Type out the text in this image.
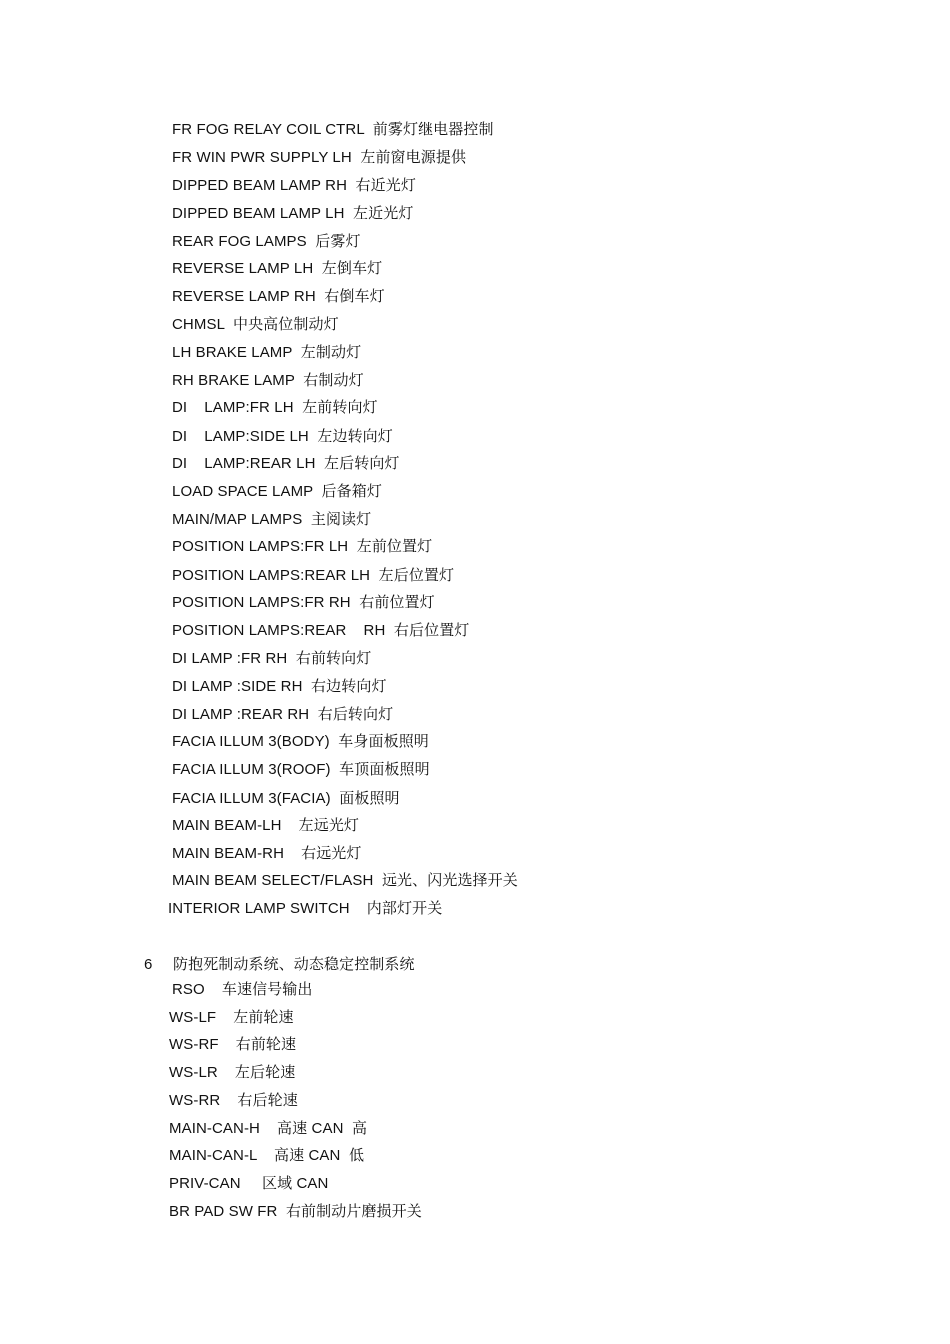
FR FOG RELAY COIL CTRL  前雾灯继电器控制
FR WIN PWR SUPPLY LH  左前窗电源提供
DIPPED BEAM LAMP RH  右近光灯
DIPPED BEAM LAMP LH  左近光灯
REAR FOG LAMPS  后雾灯
REVERSE LAMP LH  左倒车灯
REVERSE LAMP RH  右倒车灯
CHMSL  中央高位制动灯
LH BRAKE LAMP  左制动灯
RH BRAKE LAMP  右制动灯
DI    LAMP:FR LH  左前转向灯
DI    LAMP:SIDE LH  左边转向灯
DI    LAMP:REAR LH  左后转向灯
LOAD SPACE LAMP  后备箱灯
MAIN/MAP LAMPS  主阅读灯
POSITION LAMPS:FR LH  左前位置灯
POSITION LAMPS:REAR LH  左后位置灯
POSITION LAMPS:FR RH  右前位置灯
POSITION LAMPS:REAR    RH  右后位置灯
DI LAMP :FR RH  右前转向灯
DI LAMP :SIDE RH  右边转向灯
DI LAMP :REAR RH  右后转向灯
FACIA ILLUM 3(BODY)  车身面板照明
FACIA ILLUM 3(ROOF)  车顶面板照明
FACIA ILLUM 3(FACIA)  面板照明
MAIN BEAM-LH    左远光灯
MAIN BEAM-RH    右远光灯
MAIN BEAM SELECT/FLASH  远光、闪光选择开关
INTERIOR LAMP SWITCH    内部灯开关
6 防抱死制动系统、动态稳定控制系统
RSO    车速信号输出
WS-LF    左前轮速
WS-RF    右前轮速
WS-LR    左后轮速
WS-RR    右后轮速
MAIN-CAN-H    高速 CAN  高
MAIN-CAN-L    高速 CAN  低
PRIV-CAN     区域 CAN
BR PAD SW FR  右前制动片磨损开关
